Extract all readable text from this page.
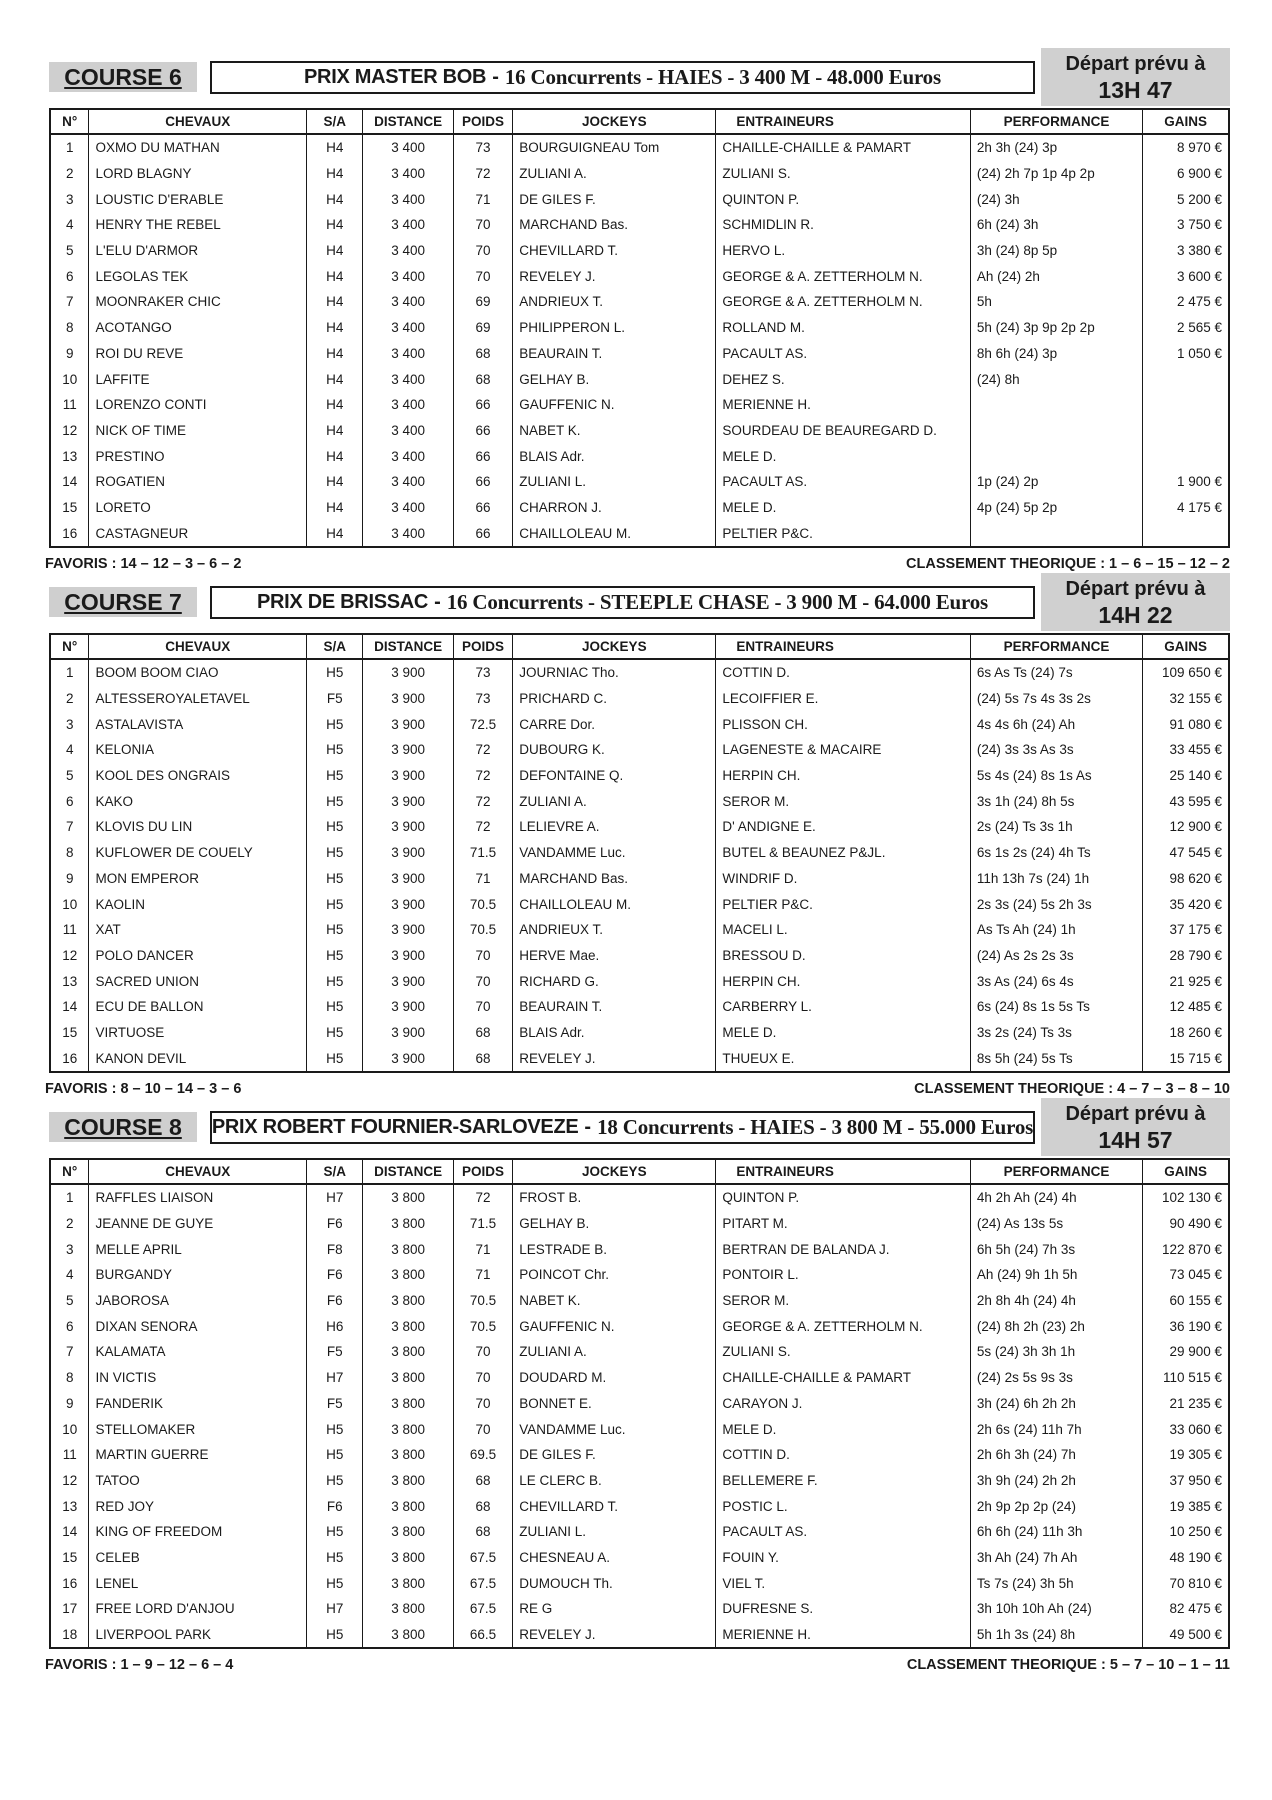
COURSE 6	PRIX MASTER BOB - 16 Concurrents - HAIES - 3 400 M - 48.000 Euros
Départ prévu à
13H 47
N°	CHEVAUX	S/A	DISTANCE	POIDS	JOCKEYS	ENTRAINEURS	PERFORMANCE	GAINS
1	OXMO DU MATHAN	H4	3 400	73	BOURGUIGNEAU Tom	CHAILLE-CHAILLE & PAMART	2h 3h (24) 3p	8 970 €
2	LORD BLAGNY	H4	3 400	72	ZULIANI A.	ZULIANI S.	(24) 2h 7p 1p 4p 2p	6 900 €
3	LOUSTIC D'ERABLE	H4	3 400	71	DE GILES F.	QUINTON P.	(24) 3h	5 200 €
4	HENRY THE REBEL	H4	3 400	70	MARCHAND Bas.	SCHMIDLIN R.	6h (24) 3h	3 750 €
5	L'ELU D'ARMOR	H4	3 400	70	CHEVILLARD T.	HERVO L.	3h (24) 8p 5p	3 380 €
6	LEGOLAS TEK	H4	3 400	70	REVELEY J.	GEORGE & A. ZETTERHOLM N.	Ah (24) 2h	3 600 €
7	MOONRAKER CHIC	H4	3 400	69	ANDRIEUX T.	GEORGE & A. ZETTERHOLM N.	5h	2 475 €
8	ACOTANGO	H4	3 400	69	PHILIPPERON L.	ROLLAND M.	5h (24) 3p 9p 2p 2p	2 565 €
9	ROI DU REVE	H4	3 400	68	BEAURAIN T.	PACAULT AS.	8h 6h (24) 3p	1 050 €
10	LAFFITE	H4	3 400	68	GELHAY B.	DEHEZ S.	(24) 8h	
11	LORENZO CONTI	H4	3 400	66	GAUFFENIC N.	MERIENNE H.		
12	NICK OF TIME	H4	3 400	66	NABET K.	SOURDEAU DE BEAUREGARD D.		
13	PRESTINO	H4	3 400	66	BLAIS Adr.	MELE D.		
14	ROGATIEN	H4	3 400	66	ZULIANI L.	PACAULT AS.	1p (24) 2p	1 900 €
15	LORETO	H4	3 400	66	CHARRON J.	MELE D.	4p (24) 5p 2p	4 175 €
16	CASTAGNEUR	H4	3 400	66	CHAILLOLEAU M.	PELTIER P&C.		
FAVORIS : 14 – 12 – 3 – 6 – 2	CLASSEMENT THEORIQUE : 1 – 6 – 15 – 12 – 2
COURSE 7	PRIX DE BRISSAC - 16 Concurrents - STEEPLE CHASE - 3 900 M - 64.000 Euros
Départ prévu à
14H 22
N°	CHEVAUX	S/A	DISTANCE	POIDS	JOCKEYS	ENTRAINEURS	PERFORMANCE	GAINS
1	BOOM BOOM CIAO	H5	3 900	73	JOURNIAC Tho.	COTTIN D.	6s As Ts (24) 7s	109 650 €
2	ALTESSEROYALETAVEL	F5	3 900	73	PRICHARD C.	LECOIFFIER E.	(24) 5s 7s 4s 3s 2s	32 155 €
3	ASTALAVISTA	H5	3 900	72.5	CARRE Dor.	PLISSON CH.	4s 4s 6h (24) Ah	91 080 €
4	KELONIA	H5	3 900	72	DUBOURG K.	LAGENESTE & MACAIRE	(24) 3s 3s As 3s	33 455 €
5	KOOL DES ONGRAIS	H5	3 900	72	DEFONTAINE Q.	HERPIN CH.	5s 4s (24) 8s 1s As	25 140 €
6	KAKO	H5	3 900	72	ZULIANI A.	SEROR M.	3s 1h (24) 8h 5s	43 595 €
7	KLOVIS DU LIN	H5	3 900	72	LELIEVRE A.	D' ANDIGNE E.	2s (24) Ts 3s 1h	12 900 €
8	KUFLOWER DE COUELY	H5	3 900	71.5	VANDAMME Luc.	BUTEL & BEAUNEZ P&JL.	6s 1s 2s (24) 4h Ts	47 545 €
9	MON EMPEROR	H5	3 900	71	MARCHAND Bas.	WINDRIF D.	11h 13h 7s (24) 1h	98 620 €
10	KAOLIN	H5	3 900	70.5	CHAILLOLEAU M.	PELTIER P&C.	2s 3s (24) 5s 2h 3s	35 420 €
11	XAT	H5	3 900	70.5	ANDRIEUX T.	MACELI L.	As Ts Ah (24) 1h	37 175 €
12	POLO DANCER	H5	3 900	70	HERVE Mae.	BRESSOU D.	(24) As 2s 2s 3s	28 790 €
13	SACRED UNION	H5	3 900	70	RICHARD G.	HERPIN CH.	3s As (24) 6s 4s	21 925 €
14	ECU DE BALLON	H5	3 900	70	BEAURAIN T.	CARBERRY L.	6s (24) 8s 1s 5s Ts	12 485 €
15	VIRTUOSE	H5	3 900	68	BLAIS Adr.	MELE D.	3s 2s (24) Ts 3s	18 260 €
16	KANON DEVIL	H5	3 900	68	REVELEY J.	THUEUX E.	8s 5h (24) 5s Ts	15 715 €
FAVORIS : 8 – 10 – 14 – 3 – 6	CLASSEMENT THEORIQUE : 4 – 7 – 3 – 8 – 10
COURSE 8	PRIX ROBERT FOURNIER-SARLOVEZE - 18 Concurrents - HAIES - 3 800 M - 55.000 Euros
Départ prévu à
14H 57
N°	CHEVAUX	S/A	DISTANCE	POIDS	JOCKEYS	ENTRAINEURS	PERFORMANCE	GAINS
1	RAFFLES LIAISON	H7	3 800	72	FROST B.	QUINTON P.	4h 2h Ah (24) 4h	102 130 €
2	JEANNE DE GUYE	F6	3 800	71.5	GELHAY B.	PITART M.	(24) As 13s 5s	90 490 €
3	MELLE APRIL	F8	3 800	71	LESTRADE B.	BERTRAN DE BALANDA J.	6h 5h (24) 7h 3s	122 870 €
4	BURGANDY	F6	3 800	71	POINCOT Chr.	PONTOIR L.	Ah (24) 9h 1h 5h	73 045 €
5	JABOROSA	F6	3 800	70.5	NABET K.	SEROR M.	2h 8h 4h (24) 4h	60 155 €
6	DIXAN SENORA	H6	3 800	70.5	GAUFFENIC N.	GEORGE & A. ZETTERHOLM N.	(24) 8h 2h (23) 2h	36 190 €
7	KALAMATA	F5	3 800	70	ZULIANI A.	ZULIANI S.	5s (24) 3h 3h 1h	29 900 €
8	IN VICTIS	H7	3 800	70	DOUDARD M.	CHAILLE-CHAILLE & PAMART	(24) 2s 5s 9s 3s	110 515 €
9	FANDERIK	F5	3 800	70	BONNET E.	CARAYON J.	3h (24) 6h 2h 2h	21 235 €
10	STELLOMAKER	H5	3 800	70	VANDAMME Luc.	MELE D.	2h 6s (24) 11h 7h	33 060 €
11	MARTIN GUERRE	H5	3 800	69.5	DE GILES F.	COTTIN D.	2h 6h 3h (24) 7h	19 305 €
12	TATOO	H5	3 800	68	LE CLERC B.	BELLEMERE F.	3h 9h (24) 2h 2h	37 950 €
13	RED JOY	F6	3 800	68	CHEVILLARD T.	POSTIC L.	2h 9p 2p 2p (24)	19 385 €
14	KING OF FREEDOM	H5	3 800	68	ZULIANI L.	PACAULT AS.	6h 6h (24) 11h 3h	10 250 €
15	CELEB	H5	3 800	67.5	CHESNEAU A.	FOUIN Y.	3h Ah (24) 7h Ah	48 190 €
16	LENEL	H5	3 800	67.5	DUMOUCH Th.	VIEL T.	Ts 7s (24) 3h 5h	70 810 €
17	FREE LORD D'ANJOU	H7	3 800	67.5	RE G	DUFRESNE S.	3h 10h 10h Ah (24)	82 475 €
18	LIVERPOOL PARK	H5	3 800	66.5	REVELEY J.	MERIENNE H.	5h 1h 3s (24) 8h	49 500 €
FAVORIS : 1 – 9 – 12 – 6 – 4	CLASSEMENT THEORIQUE : 5 – 7 – 10 – 1 – 11
